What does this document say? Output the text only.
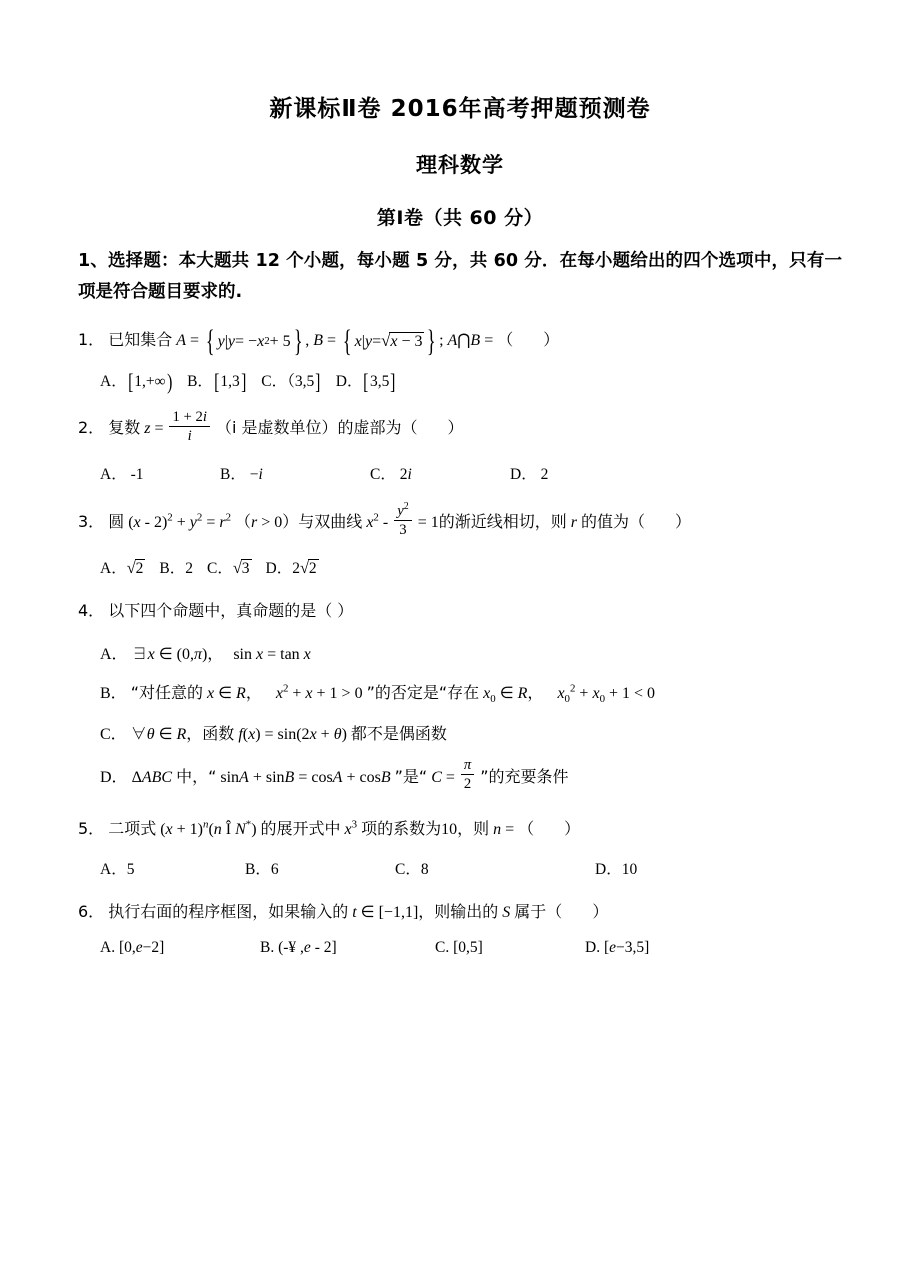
新课标Ⅱ卷 2016年高考押题预测卷
理科数学
第Ⅰ卷（共 60 分）
1、选择题：本大题共 12 个小题，每小题 5 分，共 60 分．在每小题给出的四个选项中，只有一项是符合题目要求的.
1． 已知集合 A = { y | y = − x 2 + 5 } , B = { x | y = √x − 3 } ; A⋂B = （ ）
A．[1,+∞) B．[1,3] C．（3,5] D．[3,5]
2． 复数 $z = \frac{1 + 2i}{i} (i$ 是虚数单位）的虚部为（ ）
A． -1	B． −i	C． 2i	D． 2
3． 圆 $(x - 2)^2 + y^2 = r^2$ （r > 0）与双曲线 $x^2 - \frac{y^2}{3} = 1$的渐近线相切，则 r 的值为（ ）
A．√2 B．2 C．√3 D．2√2
4． 以下四个命题中，真命题的是（ ）
A． ∃x ∈ (0,π)， sin x = tan x
B． “对任意的 x ∈ R， $x^2 + x + 1 > 0$ ”的否定是“存在 $x_0$ ∈ R， $x_0^2 + x_0 + 1 < 0$
C． ∀θ ∈ R，函数 f(x) = sin(2x + θ) 都不是偶函数
D． ΔABC 中，“ sinA + sinB = cosA + cosB ”是“ $C = \frac{\pi}{2}$ ”的充要条件
5． 二项式 $(x + 1)^n(n$ Î N*) 的展开式中 $x^3$ 项的系数为10，则 n = （ ）
A．5	B．6	C．8	D．10
6． 执行右面的程序框图，如果输入的 t ∈ [−1,1]，则输出的 S 属于（ ）
A. [0,e−2]	B. (-¥ ,e - 2]	C. [0,5]	D. [e−3,5]
